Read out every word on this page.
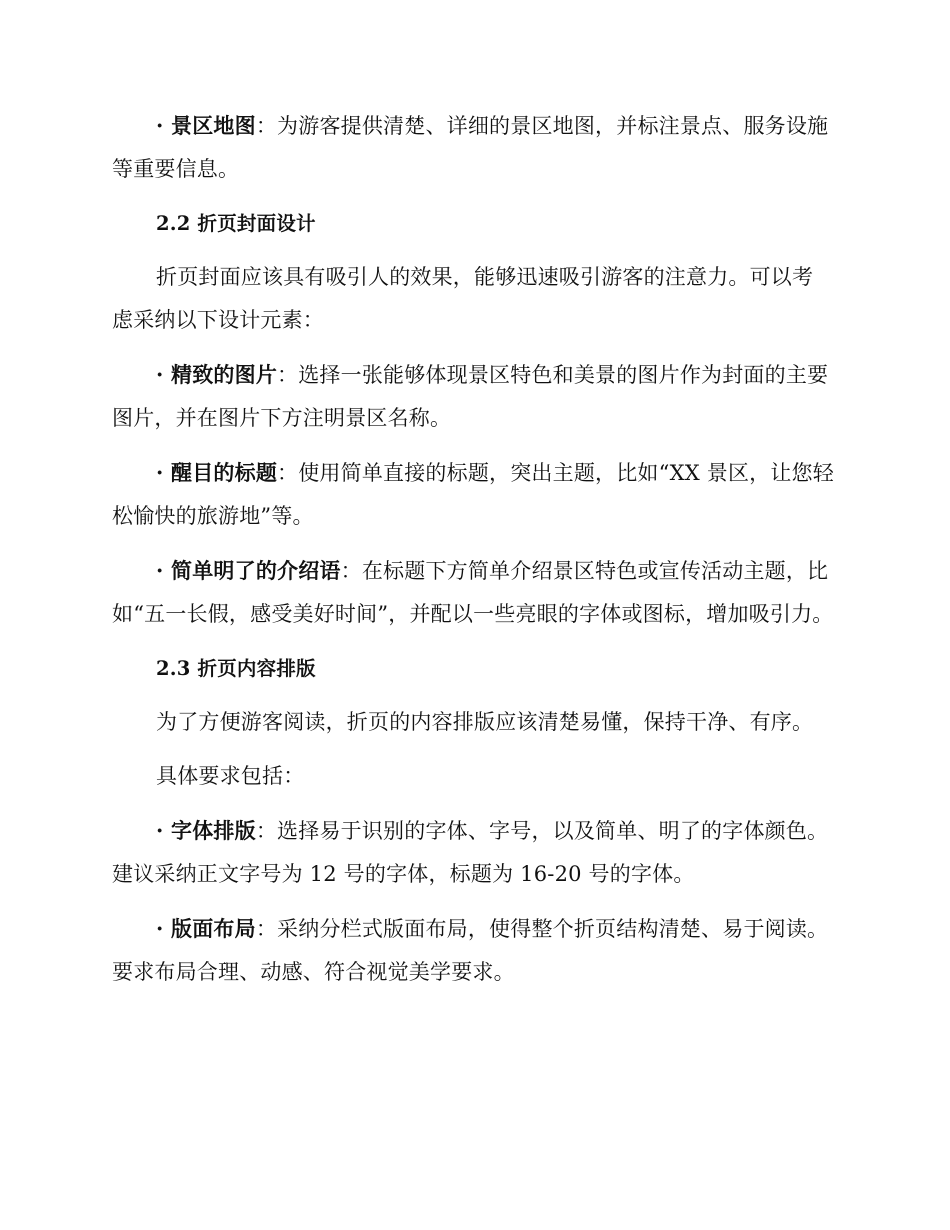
· 景区地图：为游客提供清楚、详细的景区地图，并标注景点、服务设施等重要信息。

2.2 折页封面设计

折页封面应该具有吸引人的效果，能够迅速吸引游客的注意力。可以考虑采纳以下设计元素：

· 精致的图片：选择一张能够体现景区特色和美景的图片作为封面的主要图片，并在图片下方注明景区名称。

· 醒目的标题：使用简单直接的标题，突出主题，比如“XX 景区，让您轻松愉快的旅游地”等。

· 简单明了的介绍语：在标题下方简单介绍景区特色或宣传活动主题，比如“五一长假，感受美好时间”，并配以一些亮眼的字体或图标，增加吸引力。

2.3 折页内容排版

为了方便游客阅读，折页的内容排版应该清楚易懂，保持干净、有序。

具体要求包括：

· 字体排版：选择易于识别的字体、字号，以及简单、明了的字体颜色。建议采纳正文字号为 12 号的字体，标题为 16-20 号的字体。

· 版面布局：采纳分栏式版面布局，使得整个折页结构清楚、易于阅读。要求布局合理、动感、符合视觉美学要求。
